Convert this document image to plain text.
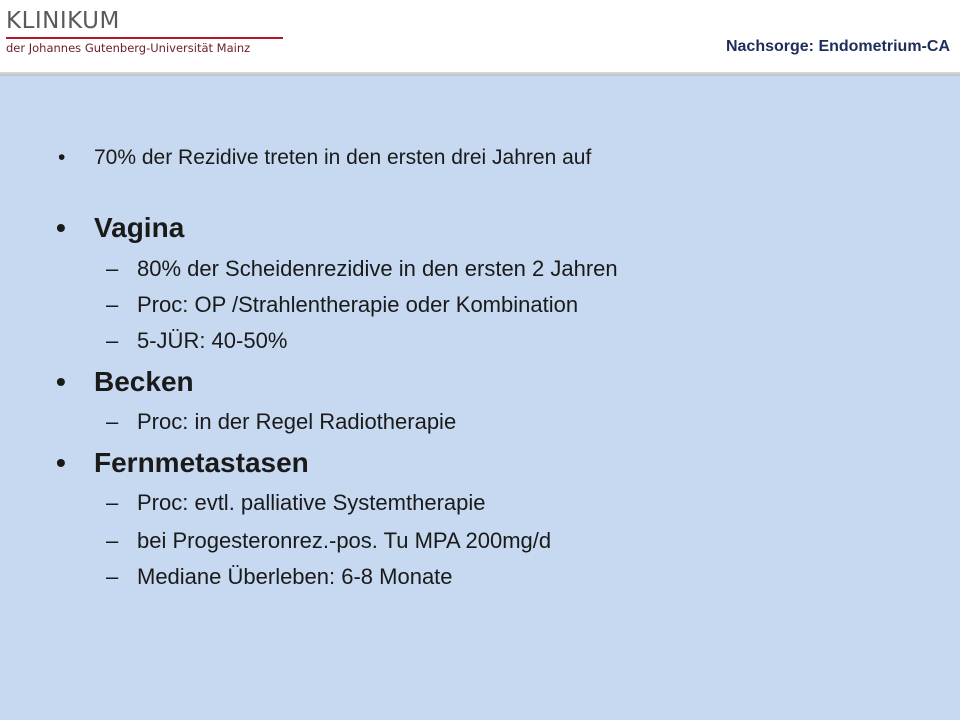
KLINIKUM
der Johannes Gutenberg-Universität Mainz	Nachsorge: Endometrium-CA
• 70% der Rezidive treten in den ersten drei Jahren auf
• Vagina
– 80% der Scheidenrezidive in den ersten 2 Jahren
– Proc: OP /Strahlentherapie oder Kombination
– 5-JÜR: 40-50%
• Becken
– Proc: in der Regel Radiotherapie
• Fernmetastasen
– Proc: evtl. palliative Systemtherapie
– bei Progesteronrez.-pos. Tu MPA 200mg/d
– Mediane Überleben: 6-8 Monate
